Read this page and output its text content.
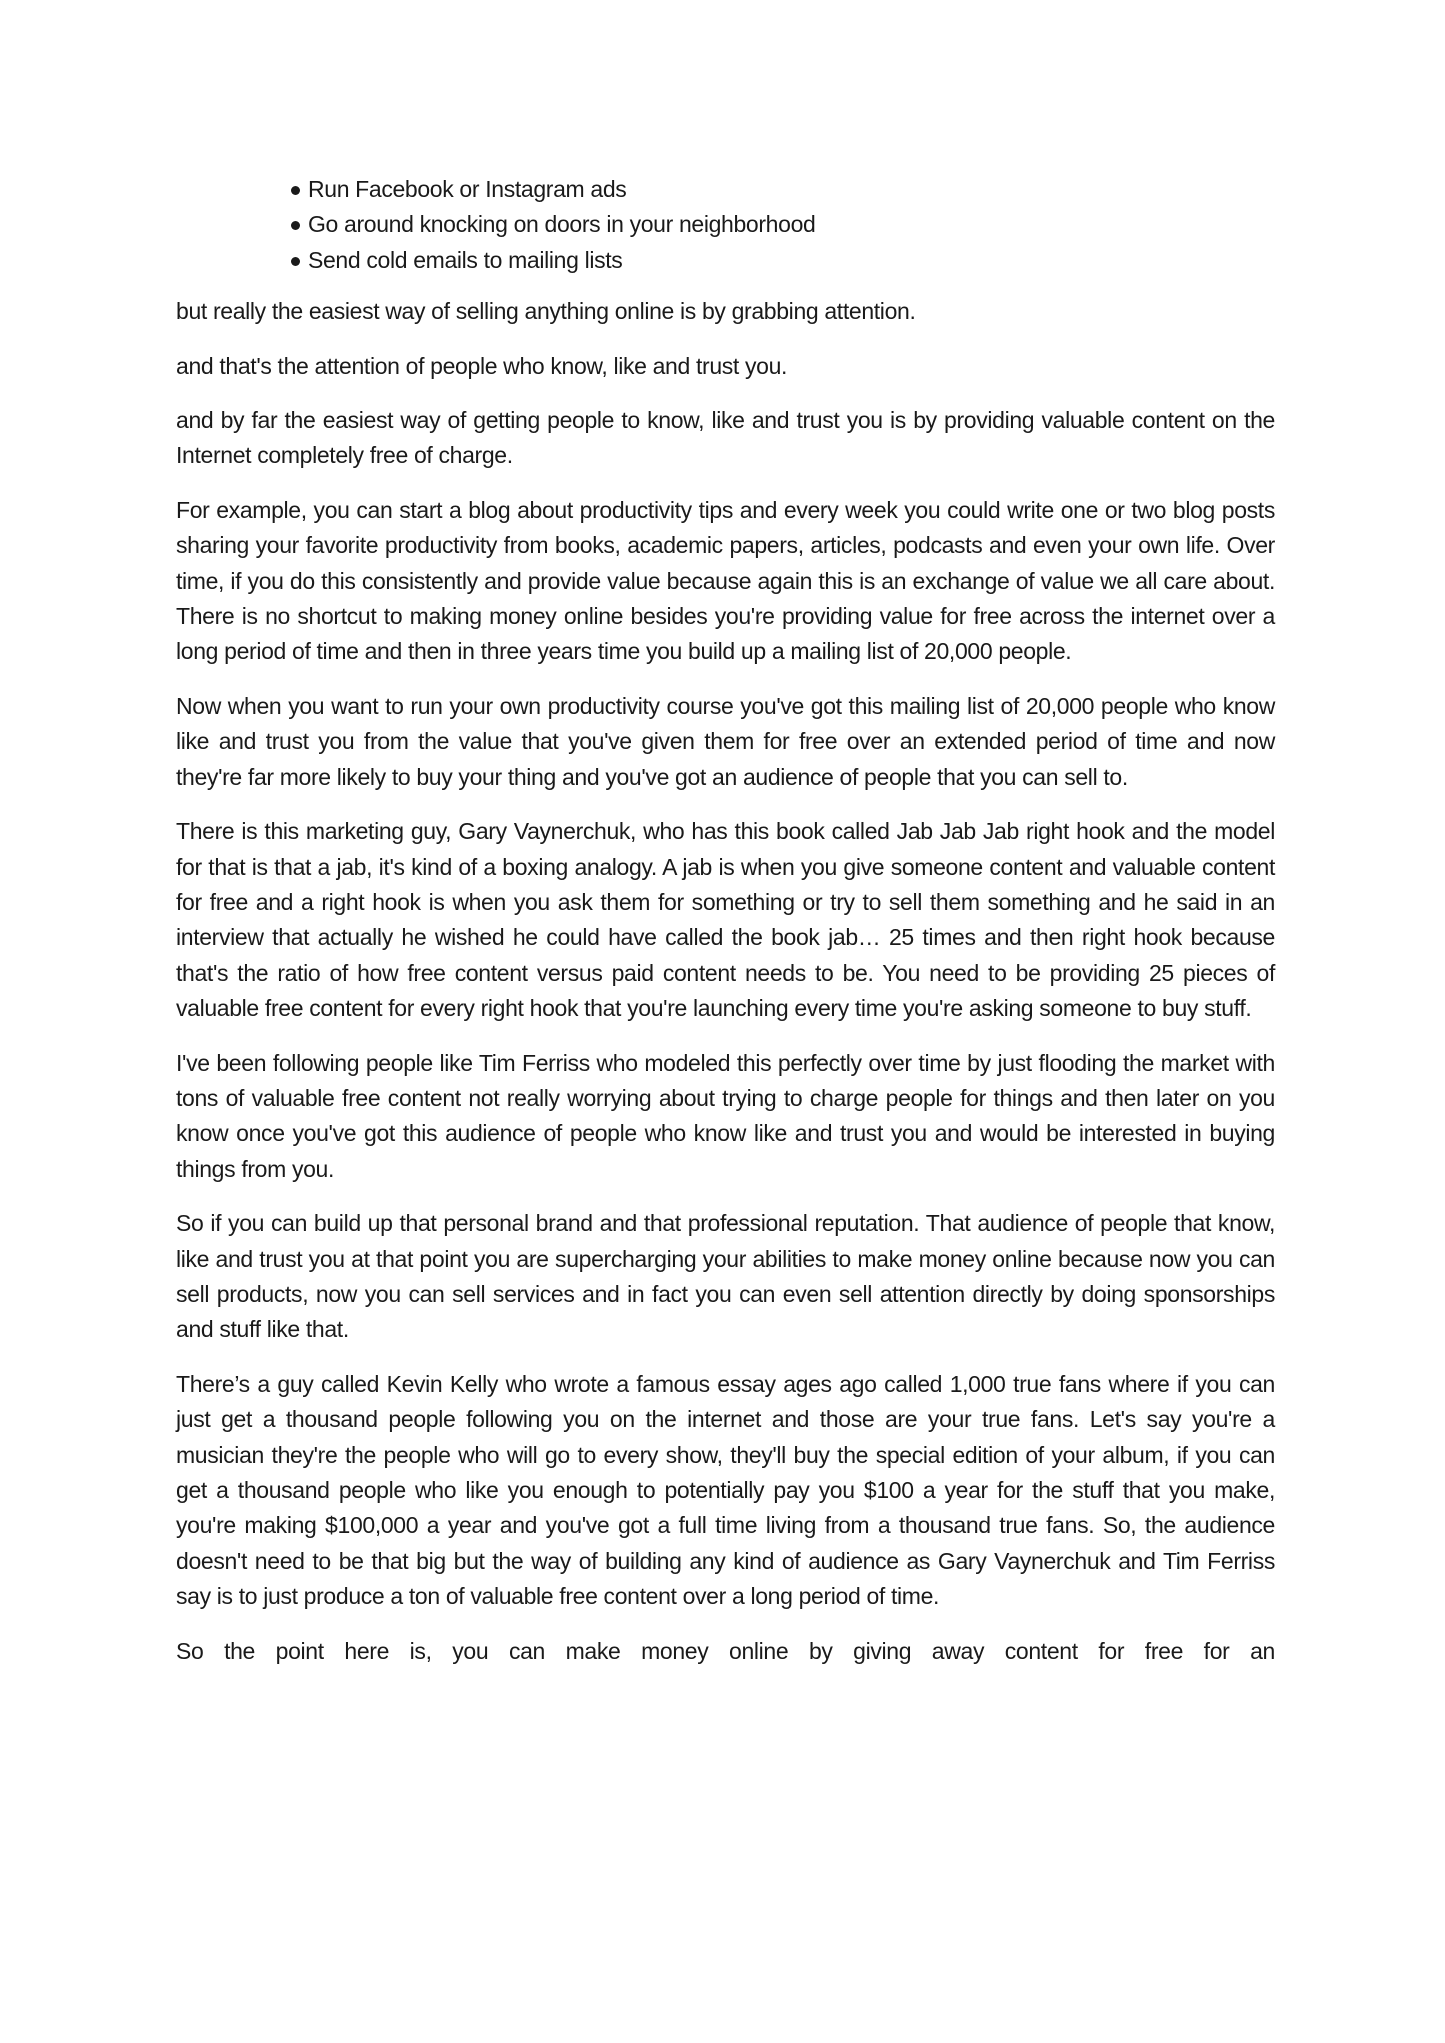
Run Facebook or Instagram ads
Go around knocking on doors in your neighborhood
Send cold emails to mailing lists

but really the easiest way of selling anything online is by grabbing attention.

and that's the attention of people who know, like and trust you.

and by far the easiest way of getting people to know, like and trust you is by providing valuable content on the Internet completely free of charge.

For example, you can start a blog about productivity tips and every week you could write one or two blog posts sharing your favorite productivity from books, academic papers, articles, podcasts and even your own life. Over time, if you do this consistently and provide value because again this is an exchange of value we all care about. There is no shortcut to making money online besides you're providing value for free across the internet over a long period of time and then in three years time you build up a mailing list of 20,000 people.

Now when you want to run your own productivity course you've got this mailing list of 20,000 people who know like and trust you from the value that you've given them for free over an extended period of time and now they're far more likely to buy your thing and you've got an audience of people that you can sell to.

There is this marketing guy, Gary Vaynerchuk, who has this book called Jab Jab Jab right hook and the model for that is that a jab, it's kind of a boxing analogy. A jab is when you give someone content and valuable content for free and a right hook is when you ask them for something or try to sell them something and he said in an interview that actually he wished he could have called the book jab… 25 times and then right hook because that's the ratio of how free content versus paid content needs to be. You need to be providing 25 pieces of valuable free content for every right hook that you're launching every time you're asking someone to buy stuff.

I've been following people like Tim Ferriss who modeled this perfectly over time by just flooding the market with tons of valuable free content not really worrying about trying to charge people for things and then later on you know once you've got this audience of people who know like and trust you and would be interested in buying things from you.

So if you can build up that personal brand and that professional reputation. That audience of people that know, like and trust you at that point you are supercharging your abilities to make money online because now you can sell products, now you can sell services and in fact you can even sell attention directly by doing sponsorships and stuff like that.

There’s a guy called Kevin Kelly who wrote a famous essay ages ago called 1,000 true fans where if you can just get a thousand people following you on the internet and those are your true fans. Let's say you're a musician they're the people who will go to every show, they'll buy the special edition of your album, if you can get a thousand people who like you enough to potentially pay you $100 a year for the stuff that you make, you're making $100,000 a year and you've got a full time living from a thousand true fans. So, the audience doesn't need to be that big but the way of building any kind of audience as Gary Vaynerchuk and Tim Ferriss say is to just produce a ton of valuable free content over a long period of time.

So the point here is, you can make money online by giving away content for free for an
